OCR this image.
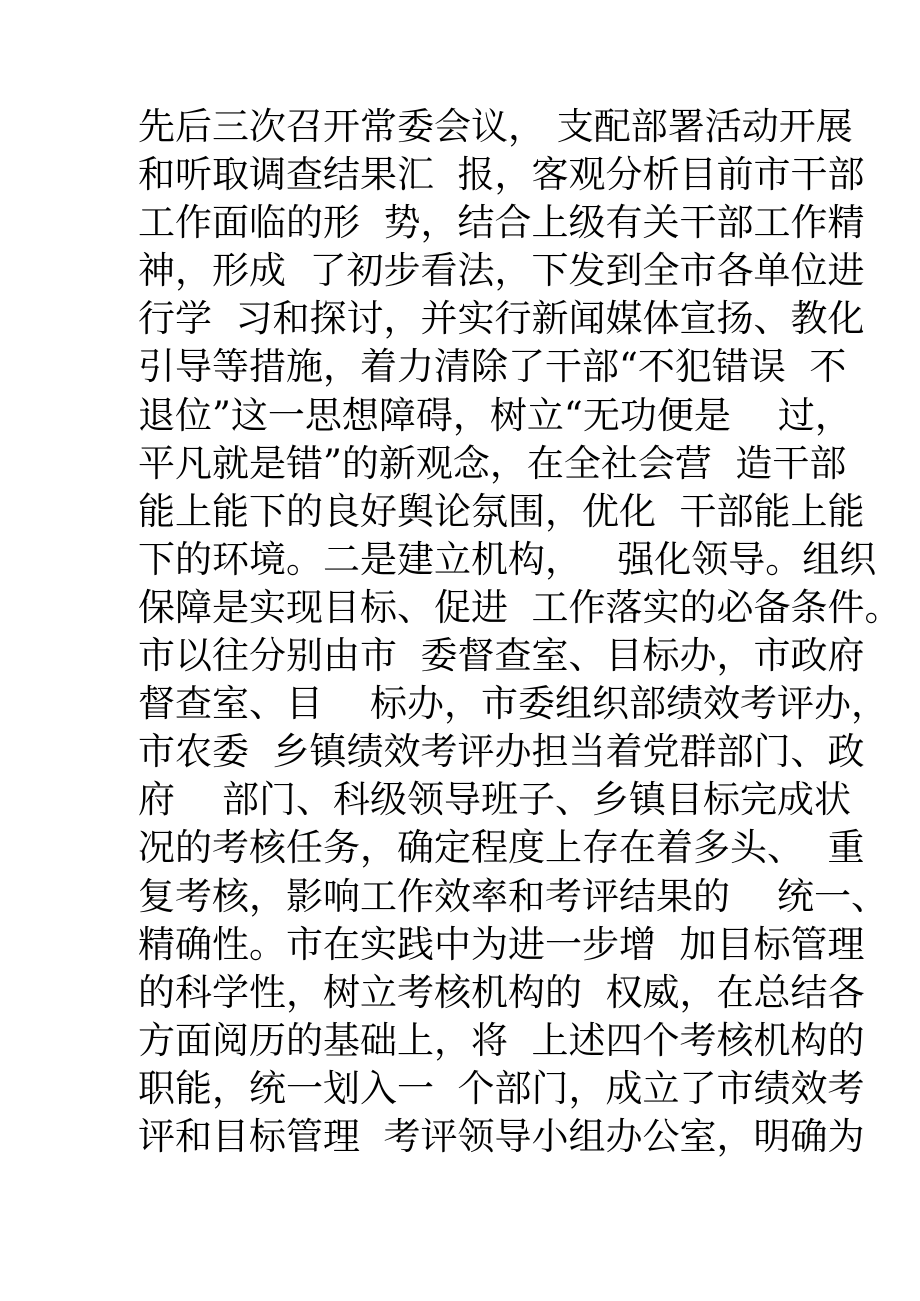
先后三次召开常委会议， 支配部署活动开展
和听取调查结果汇  报，客观分析目前市干部
工作面临的形  势，结合上级有关干部工作精
神，形成  了初步看法，下发到全市各单位进
行学  习和探讨，并实行新闻媒体宣扬、教化
引导等措施，着力清除了干部“不犯错误  不
退位”这一思想障碍，树立“无功便是    过，
平凡就是错”的新观念，在全社会营  造干部
能上能下的良好舆论氛围，优化  干部能上能
下的环境。二是建立机构，   强化领导。组织
保障是实现目标、促进  工作落实的必备条件。
市以往分别由市  委督查室、目标办，市政府
督查室、目    标办，市委组织部绩效考评办，
市农委  乡镇绩效考评办担当着党群部门、政
府    部门、科级领导班子、乡镇目标完成状
况的考核任务，确定程度上存在着多头、  重
复考核，影响工作效率和考评结果的    统一、
精确性。市在实践中为进一步增  加目标管理
的科学性，树立考核机构的  权威，在总结各
方面阅历的基础上，将  上述四个考核机构的
职能，统一划入一  个部门，成立了市绩效考
评和目标管理  考评领导小组办公室，明确为
